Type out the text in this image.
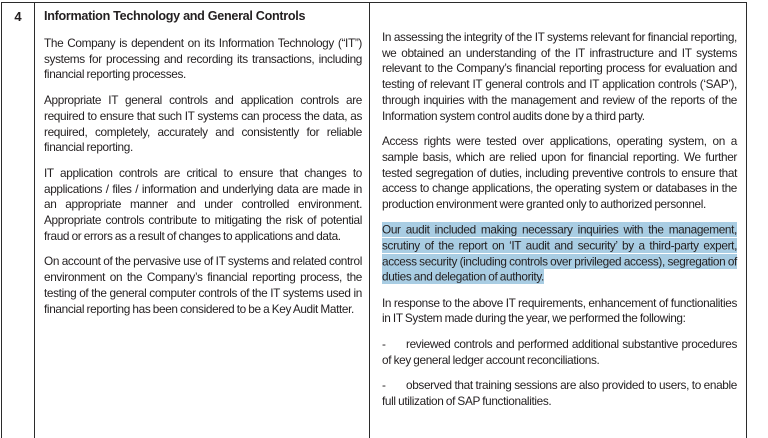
4	Information Technology and General Controls

The Company is dependent on its Information Technology (“IT”) systems for processing and recording its transactions, including financial reporting processes.

Appropriate IT general controls and application controls are required to ensure that such IT systems can process the data, as required, completely, accurately and consistently for reliable financial reporting.

IT application controls are critical to ensure that changes to applications / files / information and underlying data are made in an appropriate manner and under controlled environment. Appropriate controls contribute to mitigating the risk of potential fraud or errors as a result of changes to applications and data.

On account of the pervasive use of IT systems and related control environment on the Company’s financial reporting process, the testing of the general computer controls of the IT systems used in financial reporting has been considered to be a Key Audit Matter.

In assessing the integrity of the IT systems relevant for financial reporting, we obtained an understanding of the IT infrastructure and IT systems relevant to the Company’s financial reporting process for evaluation and testing of relevant IT general controls and IT application controls (‘SAP’), through inquiries with the management and review of the reports of the Information system control audits done by a third party.

Access rights were tested over applications, operating system, on a sample basis, which are relied upon for financial reporting. We further tested segregation of duties, including preventive controls to ensure that access to change applications, the operating system or databases in the production environment were granted only to authorized personnel.

Our audit included making necessary inquiries with the management, scrutiny of the report on ‘IT audit and security’ by a third-party expert, access security (including controls over privileged access), segregation of duties and delegation of authority.

In response to the above IT requirements, enhancement of functionalities in IT System made during the year, we performed the following:

- reviewed controls and performed additional substantive procedures of key general ledger account reconciliations.

- observed that training sessions are also provided to users, to enable full utilization of SAP functionalities.
